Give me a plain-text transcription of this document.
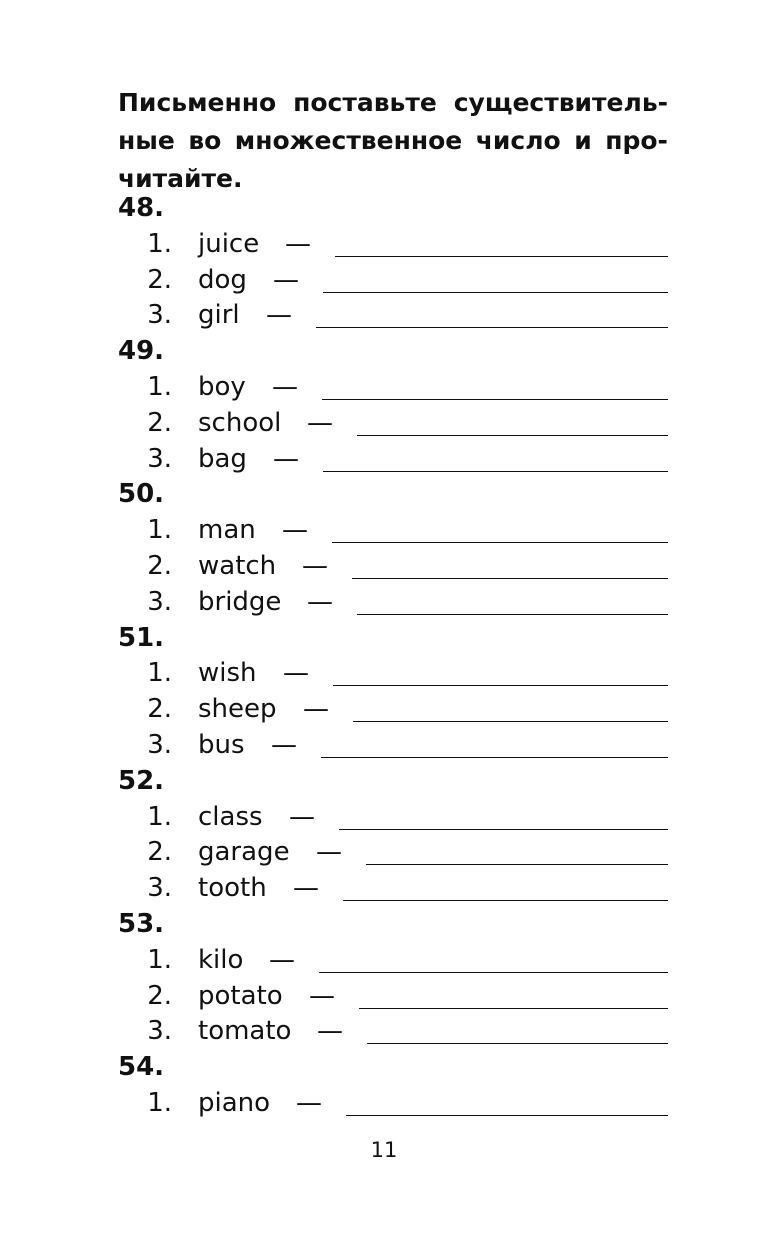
Письменно поставьте существитель-
ные во множественное число и про-
читайте.
48.
1. juice —
2. dog —
3. girl —
49.
1. boy —
2. school —
3. bag —
50.
1. man —
2. watch —
3. bridge —
51.
1. wish —
2. sheep —
3. bus —
52.
1. class —
2. garage —
3. tooth —
53.
1. kilo —
2. potato —
3. tomato —
54.
1. piano —
11
